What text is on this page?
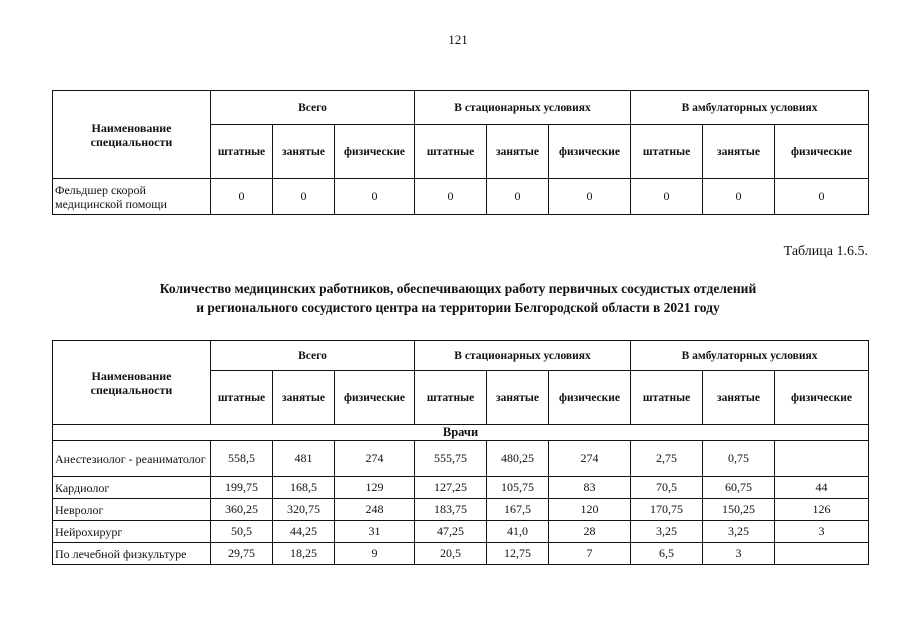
121
Наименование специальности	Всего			В стационарных условиях			В амбулаторных условиях		
	штатные	занятые	физические	штатные	занятые	физические	штатные	занятые	физические
Фельдшер скорой медицинской помощи	0	0	0	0	0	0	0	0	0
Таблица 1.6.5.
Количество медицинских работников, обеспечивающих работу первичных сосудистых отделений
и регионального сосудистого центра на территории Белгородской области в 2021 году
Наименование специальности	Всего			В стационарных условиях			В амбулаторных условиях		
	штатные	занятые	физические	штатные	занятые	физические	штатные	занятые	физические
Врачи									
Анестезиолог - реаниматолог	558,5	481	274	555,75	480,25	274	2,75	0,75	
Кардиолог	199,75	168,5	129	127,25	105,75	83	70,5	60,75	44
Невролог	360,25	320,75	248	183,75	167,5	120	170,75	150,25	126
Нейрохирург	50,5	44,25	31	47,25	41,0	28	3,25	3,25	3
По лечебной физкультуре	29,75	18,25	9	20,5	12,75	7	6,5	3	
